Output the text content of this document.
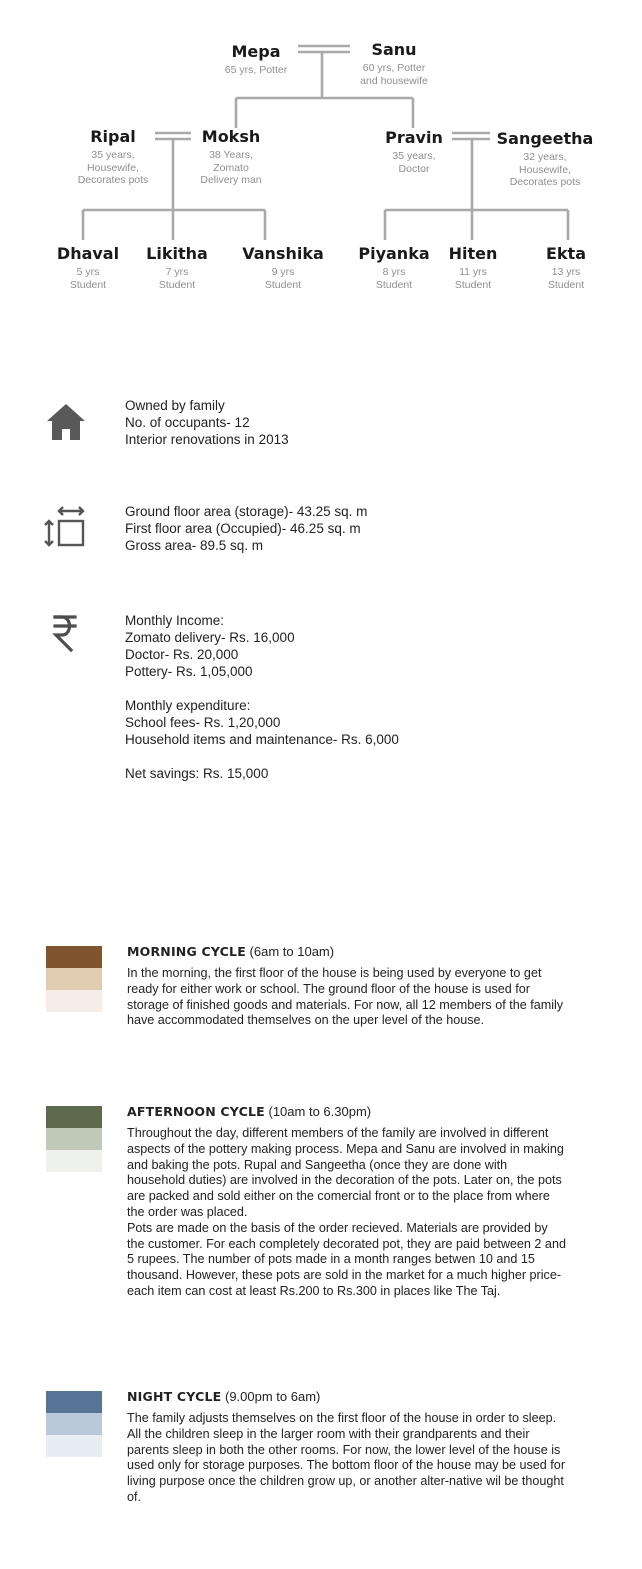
Mepa
65 yrs, Potter
Sanu
60 yrs, Potter
and housewife
Ripal
35 years,
Housewife,
Decorates pots
Moksh
38 Years,
Zomato
Delivery man
Pravin
35 years,
Doctor
Sangeetha
32 years,
Housewife,
Decorates pots
Dhaval
5 yrs
Student
Likitha
7 yrs
Student
Vanshika
9 yrs
Student
Piyanka
8 yrs
Student
Hiten
11 yrs
Student
Ekta
13 yrs
Student
Owned by family
No. of occupants- 12
Interior renovations in 2013
Ground floor area (storage)- 43.25 sq. m
First floor area (Occupied)- 46.25 sq. m
Gross area- 89.5 sq. m
Monthly Income:
Zomato delivery- Rs. 16,000
Doctor- Rs. 20,000
Pottery- Rs. 1,05,000
Monthly expenditure:
School fees- Rs. 1,20,000
Household items and maintenance- Rs. 6,000
Net savings: Rs. 15,000
MORNING CYCLE (6am to 10am)

In the morning, the first floor of the house is being used by everyone to get ready for either work or school. The ground floor of the house is used for storage of finished goods and materials. For now, all 12 members of the family have accommodated themselves on the uper level of the house.

AFTERNOON CYCLE (10am to 6.30pm)

Throughout the day, different members of the family are involved in different aspects of the pottery making process. Mepa and Sanu are involved in making and baking the pots. Rupal and Sangeetha (once they are done with household duties) are involved in the decoration of the pots. Later on, the pots are packed and sold either on the comercial front or to the place from where the order was placed.

Pots are made on the basis of the order recieved. Materials are provided by the customer. For each completely decorated pot, they are paid between 2 and 5 rupees. The number of pots made in a month ranges betwen 10 and 15 thousand. However, these pots are sold in the market for a much higher price- each item can cost at least Rs.200 to Rs.300 in places like The Taj.

NIGHT CYCLE (9.00pm to 6am)

The family adjusts themselves on the first floor of the house in order to sleep. All the children sleep in the larger room with their grandparents and their parents sleep in both the other rooms. For now, the lower level of the house is used only for storage purposes. The bottom floor of the house may be used for living purpose once the children grow up, or another alter-native wil be thought of.
